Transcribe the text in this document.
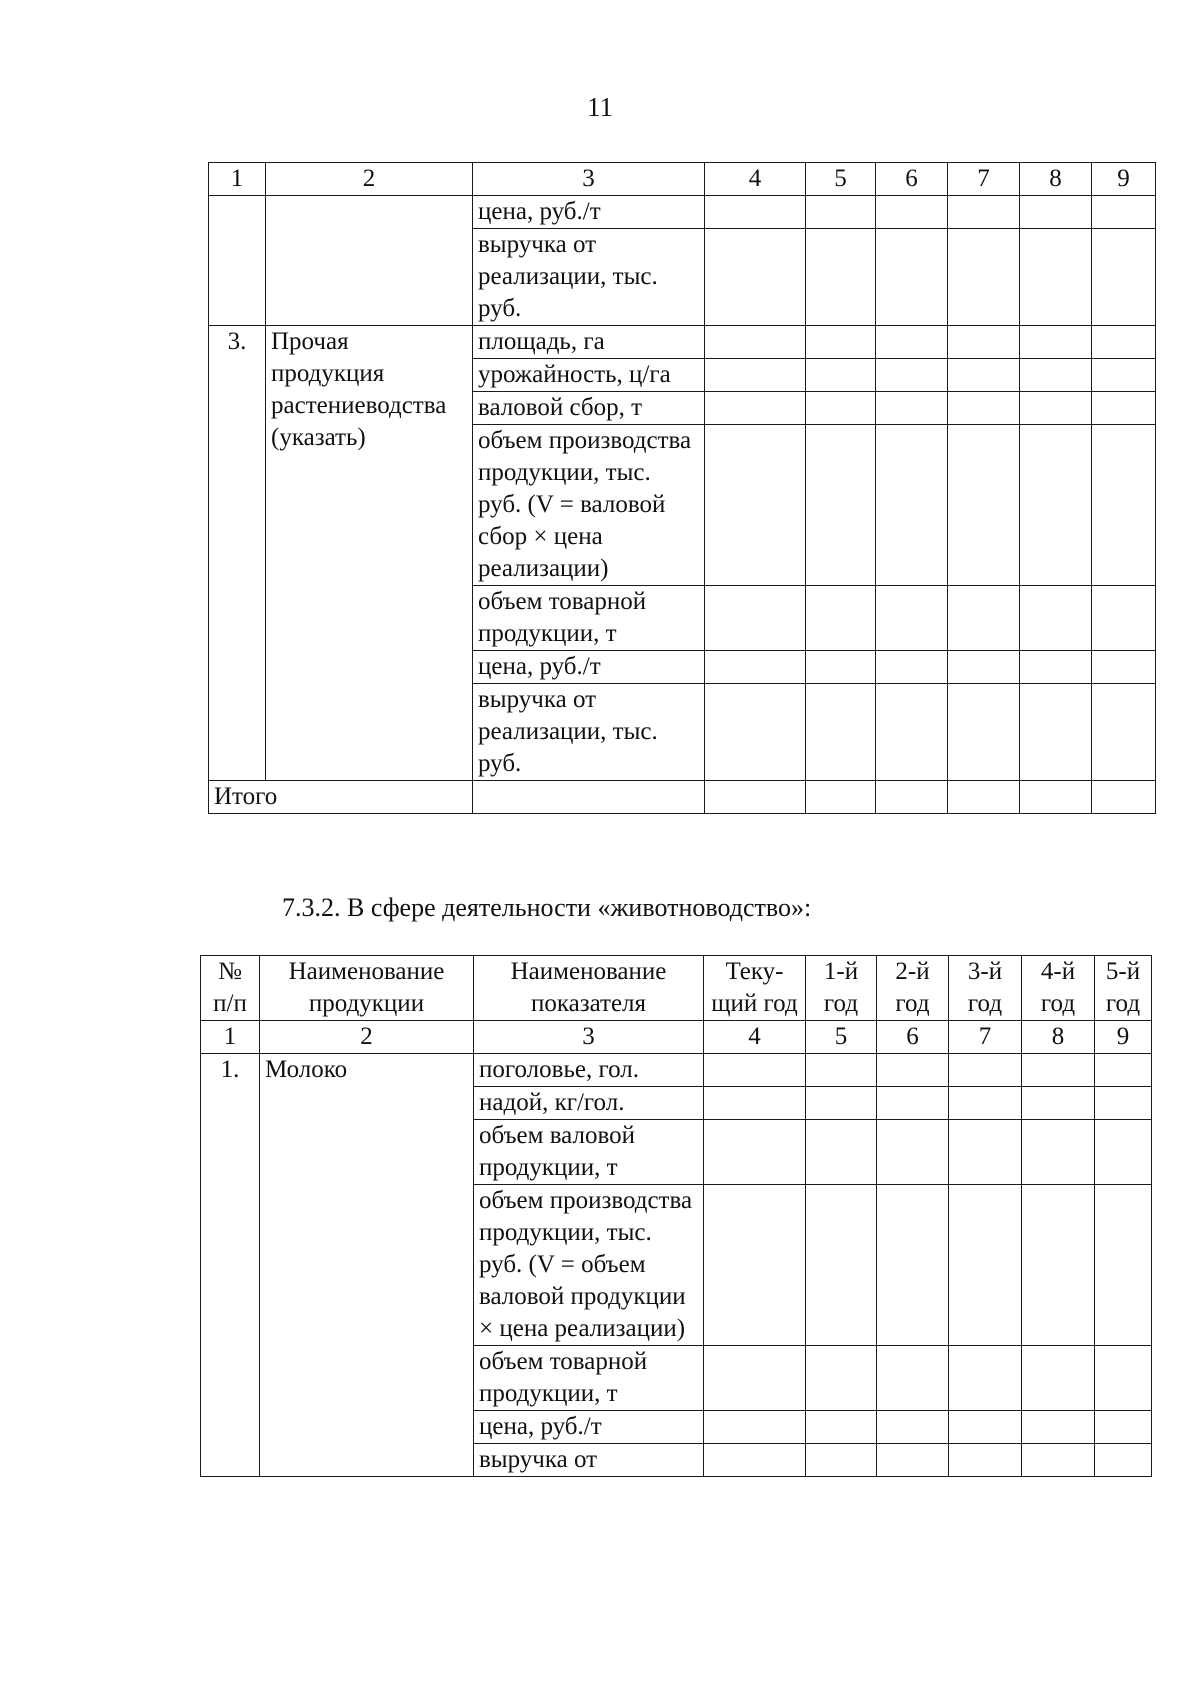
11
1	2	3	4	5	6	7	8	9
		цена, руб./т						
		выручка от реализации, тыс. руб.						
3.	Прочая продукция растениеводства (указать)	площадь, га						
		урожайность, ц/га						
		валовой сбор, т						
		объем производства продукции, тыс. руб. (V = валовой сбор × цена реализации)						
		объем товарной продукции, т						
		цена, руб./т						
		выручка от реализации, тыс. руб.						
Итого								
7.3.2. В сфере деятельности «животноводство»:
№ п/п	Наименование продукции	Наименование показателя	Теку-щий год	1-й год	2-й год	3-й год	4-й год	5-й год
1	2	3	4	5	6	7	8	9
1.	Молоко	поголовье, гол.						
		надой, кг/гол.						
		объем валовой продукции, т						
		объем производства продукции, тыс. руб. (V = объем валовой продукции × цена реализации)						
		объем товарной продукции, т						
		цена, руб./т						
		выручка от						
